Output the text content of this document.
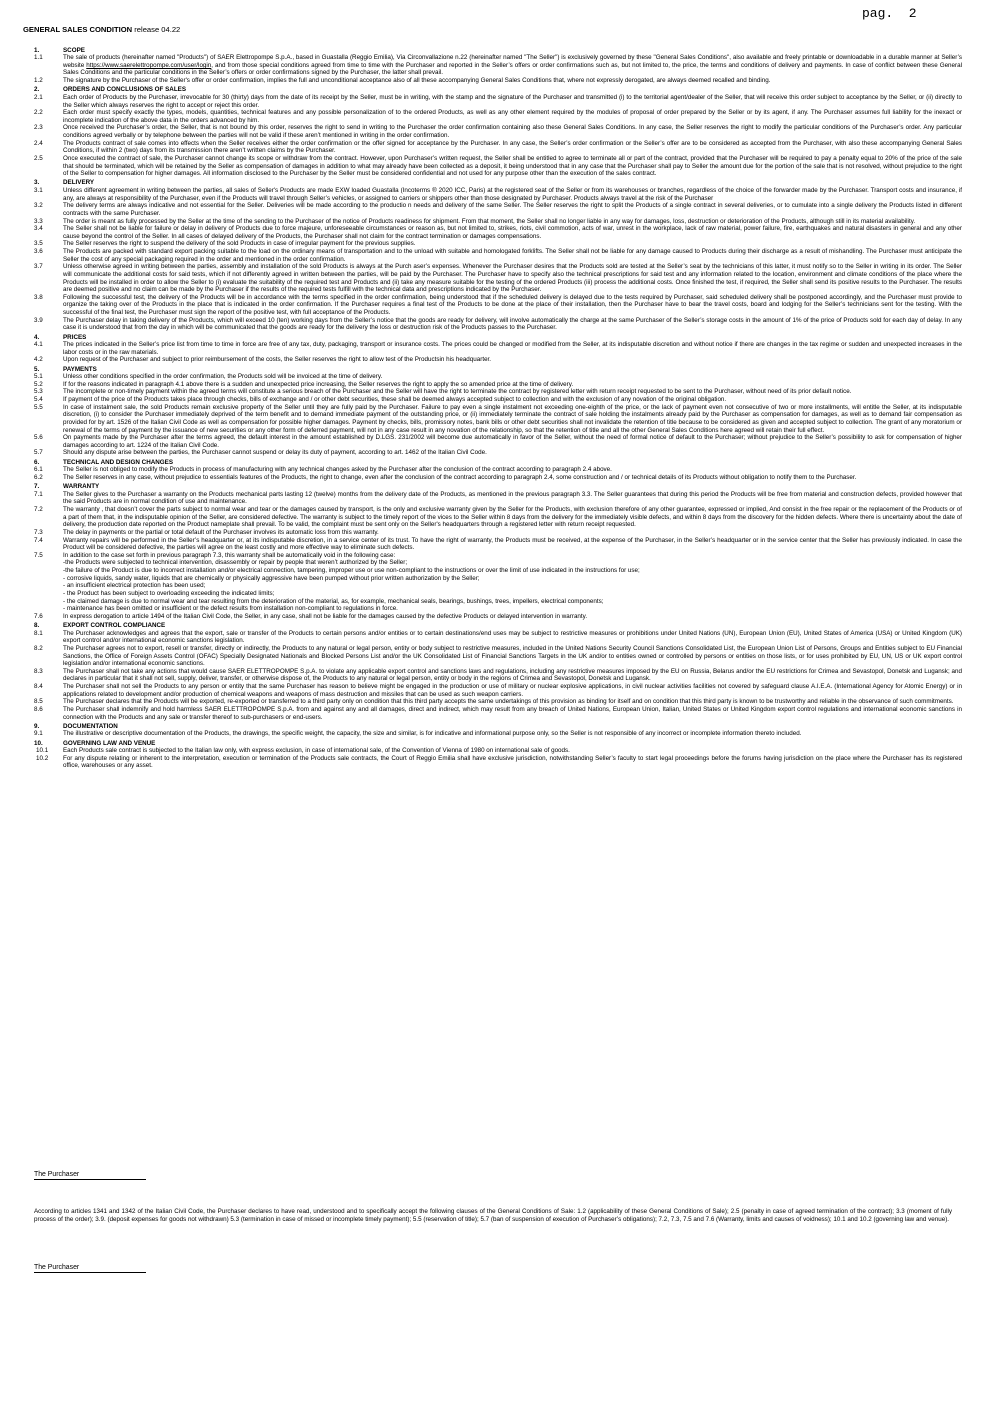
pag.  2
GENERAL SALES CONDITION release 04.22
1.	SCOPE
1.1	The sale of products (hereinafter named "Products") of SAER Elettropompe S.p.A., based in Guastalla (Reggio Emilia), Via Circonvallazione n.22 (hereinafter named "The Seller") is exclusively governed by these "General Sales Conditions", also available and freely printable or downloadable in a durable manner at Seller’s website https://www.saerelettropompe.com/user/login, and from those special conditions agreed from time to time with the Purchaser and reported in the Seller’s offers or order confirmations such as, but not limited to, the price, the terms and conditions of delivery and payments. In case of conflict between these General Sales Conditions and the particular conditions in the Seller’s offers or order confirmations signed by the Purchaser, the latter shall prevail.
1.2	The signature by the Purchaser of the Seller's offer or order confirmation, implies the full and unconditional acceptance also of all these accompanying General Sales Conditions that, where not expressly derogated, are always deemed recalled and binding.
2.	ORDERS AND CONCLUSIONS OF SALES
2.1	Each order of Products by the Purchaser, irrevocable for 30 (thirty) days from the date of its receipt by the Seller, must be in writing, with the stamp and the signature of the Purchaser and transmitted (i) to the territorial agent/dealer of the Seller, that will receive this order subject to acceptance by the Seller, or (ii) directly to the Seller which always reserves the right to accept or reject this order.
2.2	Each order must specify exactly the types, models, quantities, technical features and any possible personalization of to the ordered Products, as well as any other element required by the modules of proposal of order prepared by the Seller or by its agent, if any. The Purchaser assumes full liability for the inexact or incomplete indication of the above data in the orders advanced by him.
2.3	Once received the Purchaser’s order, the Seller, that is not bound by this order, reserves the right to send in writing to the Purchaser the order confirmation containing also these General Sales Conditions. In any case, the Seller reserves the right to modify the particular conditions of the Purchaser’s order. Any particular conditions agreed verbally or by telephone between the parties will not be valid if these aren’t mentioned in writing in the order confirmation.
2.4	The Products contract of sale comes into effects when the Seller receives either the order confirmation or the offer signed for acceptance by the Purchaser. In any case, the Seller’s order confirmation or the Seller’s offer are to be considered as accepted from the Purchaser, with also these accompanying General Sales Conditions, if within 2 (two) days from its transmission there aren’t written claims by the Purchaser.
2.5	Once executed the contract of sale, the Purchaser cannot change its scope or withdraw from the contract. However, upon Purchaser’s written request, the Seller shall be entitled to agree to terminate all or part of the contract, provided that the Purchaser will be required to pay a penalty equal to 20% of the price of the sale that should be terminated, which will be retained by the Seller as compensation of damages in addition to what may already have been collected as a deposit, it being understood that in any case that the Purchaser shall pay to Seller the amount due for the portion of the sale that is not resolved, without prejudice to the right of the Seller to compensation for higher damages. All information disclosed to the Purchaser by the Seller must be considered confidential and not used for any purpose other than the execution of the sales contract.
3.	DELIVERY
3.1	Unless different agreement in writing between the parties, all sales of Seller's Products are made EXW loaded Guastalla (Incoterms ® 2020 ICC, Paris) at the registered seat of the Seller or from its warehouses or branches, regardless of the choice of the forwarder made by the Purchaser. Transport costs and insurance, if any, are always at responsibility of the Purchaser, even if the Products will travel through Seller’s vehicles, or assigned to carriers or shippers other than those designated by Purchaser. Products always travel at the risk of the Purchaser
3.2	The delivery terms are always indicative and not essential for the Seller. Deliveries will be made according to the productio n needs and delivery of the same Seller. The Seller reserves the right to split the Products of a single contract in several deliveries, or to cumulate into a single delivery the Products listed in different contracts with the same Purchaser.
3.3	The order is meant as fully processed by the Seller at the time of the sending to the Purchaser of the notice of Products readiness for shipment. From that moment, the Seller shall no longer liable in any way for damages, loss, destruction or deterioration of the Products, although still in its material availability.
3.4	The Seller shall not be liable for failure or delay in delivery of Products due to force majeure, unforeseeable circumstances or reason as, but not limited to, strikes, riots, civil commotion, acts of war, unrest in the workplace, lack of raw material, power failure, fire, earthquakes and natural disasters in general and any other cause beyond the control of the Seller. In all cases of delayed delivery of the Products, the Purchaser shall not claim for the contract termination or damages compensations.
3.5	The Seller reserves the right to suspend the delivery of the sold Products in case of irregular payment for the previous supplies.
3.6	The Products are packed with standard export packing suitable to the load on the ordinary means of transportation and to the unload with suitable and homologated forklifts. The Seller shall not be liable for any damage caused to Products during their discharge as a result of mishandling. The Purchaser must anticipate the Seller the cost of any special packaging required in the order and mentioned in the order confirmation.
3.7	Unless otherwise agreed in writing between the parties, assembly and installation of the sold Products is always at the Purch aser’s expenses. Whenever the Purchaser desires that the Products sold are tested at the Seller’s seat by the technicians of this latter, it must notify so to the Seller in writing in its order. The Seller will communicate the additional costs for said tests, which if not differently agreed in written between the parties, will be paid by the Purchaser. The Purchaser have to specify also the technical prescriptions for said test and any information related to the location, environment and climate conditions of the place where the Products will be installed in order to allow the Seller to (i) evaluate the suitability of the required test and Products and (ii) take any measure suitable for the testing of the ordered Products (iii) process the additional costs. Once finished the test, if required, the Seller shall send its positive results to the Purchaser. The results are deemed positive and no claim can be made by the Purchaser if the results of the required tests fulfill with the technical data and prescriptions indicated by the Purchaser.
3.8	Following the successful test, the delivery of the Products will be in accordance with the terms specified in the order confirmation, being understood that if the scheduled delivery is delayed due to the tests required by Purchaser, said scheduled delivery shall be postponed accordingly, and the Purchaser must provide to organize the taking over of the Products in the place that is indicated in the order confirmation. If the Purchaser requires a final test of the Products to be done at the place of their installation, then the Purchaser have to bear the travel costs, board and lodging for the Seller’s technicians sent for the testing. With the successful of the final test, the Purchaser must sign the report of the positive test, with full acceptance of the Products.
3.9	The Purchaser delay in taking delivery of the Products, which will exceed 10 (ten) working days from the Seller’s notice that the goods are ready for delivery, will involve automatically the charge at the same Purchaser of the Seller’s storage costs in the amount of 1% of the price of Products sold for each day of delay. In any case it is understood that from the day in which will be communicated that the goods are ready for the delivery the loss or destruction risk of the Products passes to the Purchaser.
4.	PRICES
4.1	The prices indicated in the Seller’s price list from time to time in force are free of any tax, duty, packaging, transport or insurance costs. The prices could be changed or modified from the Seller, at its indisputable discretion and without notice if there are changes in the tax regime or sudden and unexpected increases in the labor costs or in the raw materials.
4.2	Upon request of the Purchaser and subject to prior reimbursement of the costs, the Seller reserves the right to allow test of the Productsin his headquarter.
5.	PAYMENTS
5.1	Unless other conditions specified in the order confirmation, the Products sold will be invoiced at the time of delivery.
5.2	If for the reasons indicated in paragraph 4.1 above there is a sudden and unexpected price increasing, the Seller reserves the right to apply the so amended price at the time of delivery.
5.3	The incomplete or non-timely payment within the agreed terms will constitute a serious breach of the Purchaser and the Seller will have the right to terminate the contract by registered letter with return receipt requested to be sent to the Purchaser, without need of its prior default notice.
5.4	If payment of the price of the Products takes place through checks, bills of exchange and / or other debt securities, these shall be deemed always accepted subject to collection and with the exclusion of any novation of the original obligation.
5.5	In case of instalment sale, the sold Products remain exclusive property of the Seller until they are fully paid by the Purchaser. Failure to pay even a single instalment not exceeding one-eighth of the price, or the lack of payment even not consecutive of two or more installments, will entitle the Seller, at its indisputable discretion, (i) to consider the Purchaser immediately deprived of the term benefit and to demand immediate payment of the outstanding price, or (ii) immediately terminate the contract of sale holding the instalments already paid by the Purchaser as compensation for damages, as well as to demand fair compensation as provided for by art. 1526 of the Italian Civil Code as well as compensation for possible higher damages. Payment by checks, bills, promissory notes, bank bills or other debt securities shall not invalidate the retention of title because to be considered as given and accepted subject to collection. The grant of any moratorium or renewal of the terms of payment by the issuance of new securities or any other form of deferred payment, will not in any case result in any novation of the relationship, so that the retention of title and all the other General Sales Conditions here agreed will retain their full effect.
5.6	On payments made by the Purchaser after the terms agreed, the default interest in the amount established by D.LGS. 231/2002 will become due automatically in favor of the Seller, without the need of formal notice of default to the Purchaser; without prejudice to the Seller’s possibility to ask for compensation of higher damages according to art. 1224 of the Italian Civil Code.
5.7	Should any dispute arise between the parties, the Purchaser cannot suspend or delay its duty of payment, according to art. 1462 of the Italian Civil Code.
6.	TECHNICAL AND DESIGN CHANGES
6.1	The Seller is not obliged to modify the Products in process of manufacturing with any technical changes asked by the Purchaser after the conclusion of the contract according to paragraph 2.4 above.
6.2	The Seller reserves in any case, without prejudice to essentials features of the Products, the right to change, even after the conclusion of the contract according to paragraph 2.4, some construction and / or technical details of its Products without obligation to notify them to the Purchaser.
7.	WARRANTY
7.1	The Seller gives to the Purchaser a warranty on the Products mechanical parts lasting 12 (twelve) months from the delivery date of the Products, as mentioned in the previous paragraph 3.3. The Seller guarantees that during this period the Products will be free from material and construction defects, provided however that the said Products are in normal condition of use and maintenance.
7.2	The warranty , that doesn’t cover the parts subject to normal wear and tear or the damages caused by transport, is the only and exclusive warranty given by the Seller for the Products, with exclusion therefore of any other guarantee, expressed or implied, And consist in the free repair or the replacement of the Products or of a part of them that, in the indisputable opinion of the Seller, are considered defective. The warranty is subject to the timely report of the vices to the Seller within 8 days from the delivery for the immediately visible defects, and within 8 days from the discovery for the hidden defects. Where there is uncertainty about the date of delivery, the production date reported on the Product nameplate shall prevail. To be valid, the complaint must be sent only on the Seller's headquarters through a registered letter with return receipt requested.
7.3	The delay in payments or the partial or total default of the Purchaser involves its automatic loss from this warranty.
7.4	Warranty repairs will be performed in the Seller’s headquarter or, at its indisputable discretion, in a service center of its trust. To have the right of warranty, the Products must be received, at the expense of the Purchaser, in the Seller’s headquarter or in the service center that the Seller has previously indicated. In case the Product will be considered defective, the parties will agree on the least costly and more effective way to eliminate such defects.
7.5	In addition to the case set forth in previous paragraph 7.3, this warranty shall be automatically void in the following case:
-the Products were subjected to technical intervention, disassembly or repair by people that weren’t authorized by the Seller;
-the failure of the Product is due to incorrect installation and/or electrical connection, tampering, improper use or use non-compliant to the instructions or over the limit of use indicated in the instructions for use;
- corrosive liquids, sandy water, liquids that are chemically or physically aggressive have been pumped without prior written authorization by the Seller;
- an insufficient electrical protection has been used;
- the Product has been subject to overloading exceeding the indicated limits;
- the claimed damage is due to normal wear and tear resulting from the deterioration of the material, as, for example, mechanical seals, bearings, bushings, trees, impellers, electrical components;
- maintenance has been omitted or insufficient or the defect results from installation non-compliant to regulations in force.
7.6	In express derogation to article 1494 of the Italian Civil Code, the Seller, in any case, shall not be liable for the damages caused by the defective Products or delayed intervention in warranty.
8.	EXPORT CONTROL COMPLIANCE
8.1	The Purchaser acknowledges and agrees that the export, sale or transfer of the Products to certain persons and/or entities or to certain destinations/end uses may be subject to restrictive measures or prohibitions under United Nations (UN), European Union (EU), United States of America (USA) or United Kingdom (UK) export control and/or international economic sanctions legislation.
8.2	The Purchaser agrees not to export, resell or transfer, directly or indirectly, the Products to any natural or legal person, entity or body subject to restrictive measures, included in the United Nations Security Council Sanctions Consolidated List, the European Union List of Persons, Groups and Entities subject to EU Financial Sanctions, the Office of Foreign Assets Control (OFAC) Specially Designated Nationals and Blocked Persons List and/or the UK Consolidated List of Financial Sanctions Targets in the UK and/or to entities owned or controlled by persons or entities on those lists, or for uses prohibited by EU, UN, US or UK export control legislation and/or international economic sanctions.
8.3	The Purchaser shall not take any actions that would cause SAER ELETTROPOMPE S.p.A. to violate any applicable export control and sanctions laws and regulations, including any restrictive measures imposed by the EU on Russia, Belarus and/or the EU restrictions for Crimea and Sevastopol, Donetsk and Lugansk; and declares in particular that it shall not sell, supply, deliver, transfer, or otherwise dispose of, the Products to any natural or legal person, entity or body in the regions of Crimea and Sevastopol, Donetsk and Lugansk.
8.4	The Purchaser shall not sell the Products to any person or entity that the same Purchaser has reason to believe might be engaged in the production or use of military or nuclear explosive applications, in civil nuclear activities facilities not covered by safeguard clause A.I.E.A. (International Agency for Atomic Energy) or in applications related to development and/or production of chemical weapons and weapons of mass destruction and missiles that can be used as such weapon carriers.
8.5	The Purchaser declares that the Products will be exported, re-exported or transferred to a third party only on condition that this third party accepts the same undertakings of this provision as binding for itself and on condition that this third party is known to be trustworthy and reliable in the observance of such commitments.
8.6	The Purchaser shall indemnify and hold harmless SAER ELETTROPOMPE S.p.A. from and against any and all damages, direct and indirect, which may result from any breach of United Nations, European Union, Italian, United States or United Kingdom export control regulations and international economic sanctions in connection with the Products and any sale or transfer thereof to sub-purchasers or end-users.
9.	DOCUMENTATION
9.1	The illustrative or descriptive documentation of the Products, the drawings, the specific weight, the capacity, the size and similar, is for indicative and informational purpose only, so the Seller is not responsible of any incorrect or incomplete information thereto included.
10.	GOVERNING LAW AND VENUE
10.1	Each Products sale contract is subjected to the Italian law only, with express exclusion, in case of international sale, of the Convention of Vienna of 1980 on international sale of goods.
10.2	For any dispute relating or inherent to the interpretation, execution or termination of the Products sale contracts, the Court of Reggio Emilia shall have exclusive jurisdiction, notwithstanding Seller’s faculty to start legal proceedings before the forums having jurisdiction on the place where the Purchaser has its registered office, warehouses or any asset.
The Purchaser
According to articles 1341 and 1342 of the Italian Civil Code, the Purchaser declares to have read, understood and to specifically accept the following clauses of the General Conditions of Sale: 1.2 (applicability of these General Conditions of Sale); 2.5 (penalty in case of agreed termination of the contract); 3.3 (moment of fully process of the order); 3.9. (deposit expenses for goods not withdrawn) 5.3 (termination in case of missed or incomplete timely payment); 5.5 (reservation of title); 5.7 (ban of suspension of execution of Purchaser’s obligations); 7.2, 7.3, 7.5 and 7.6 (Warranty, limits and causes of voidness); 10.1 and 10.2 (governing law and venue).
The Purchaser
